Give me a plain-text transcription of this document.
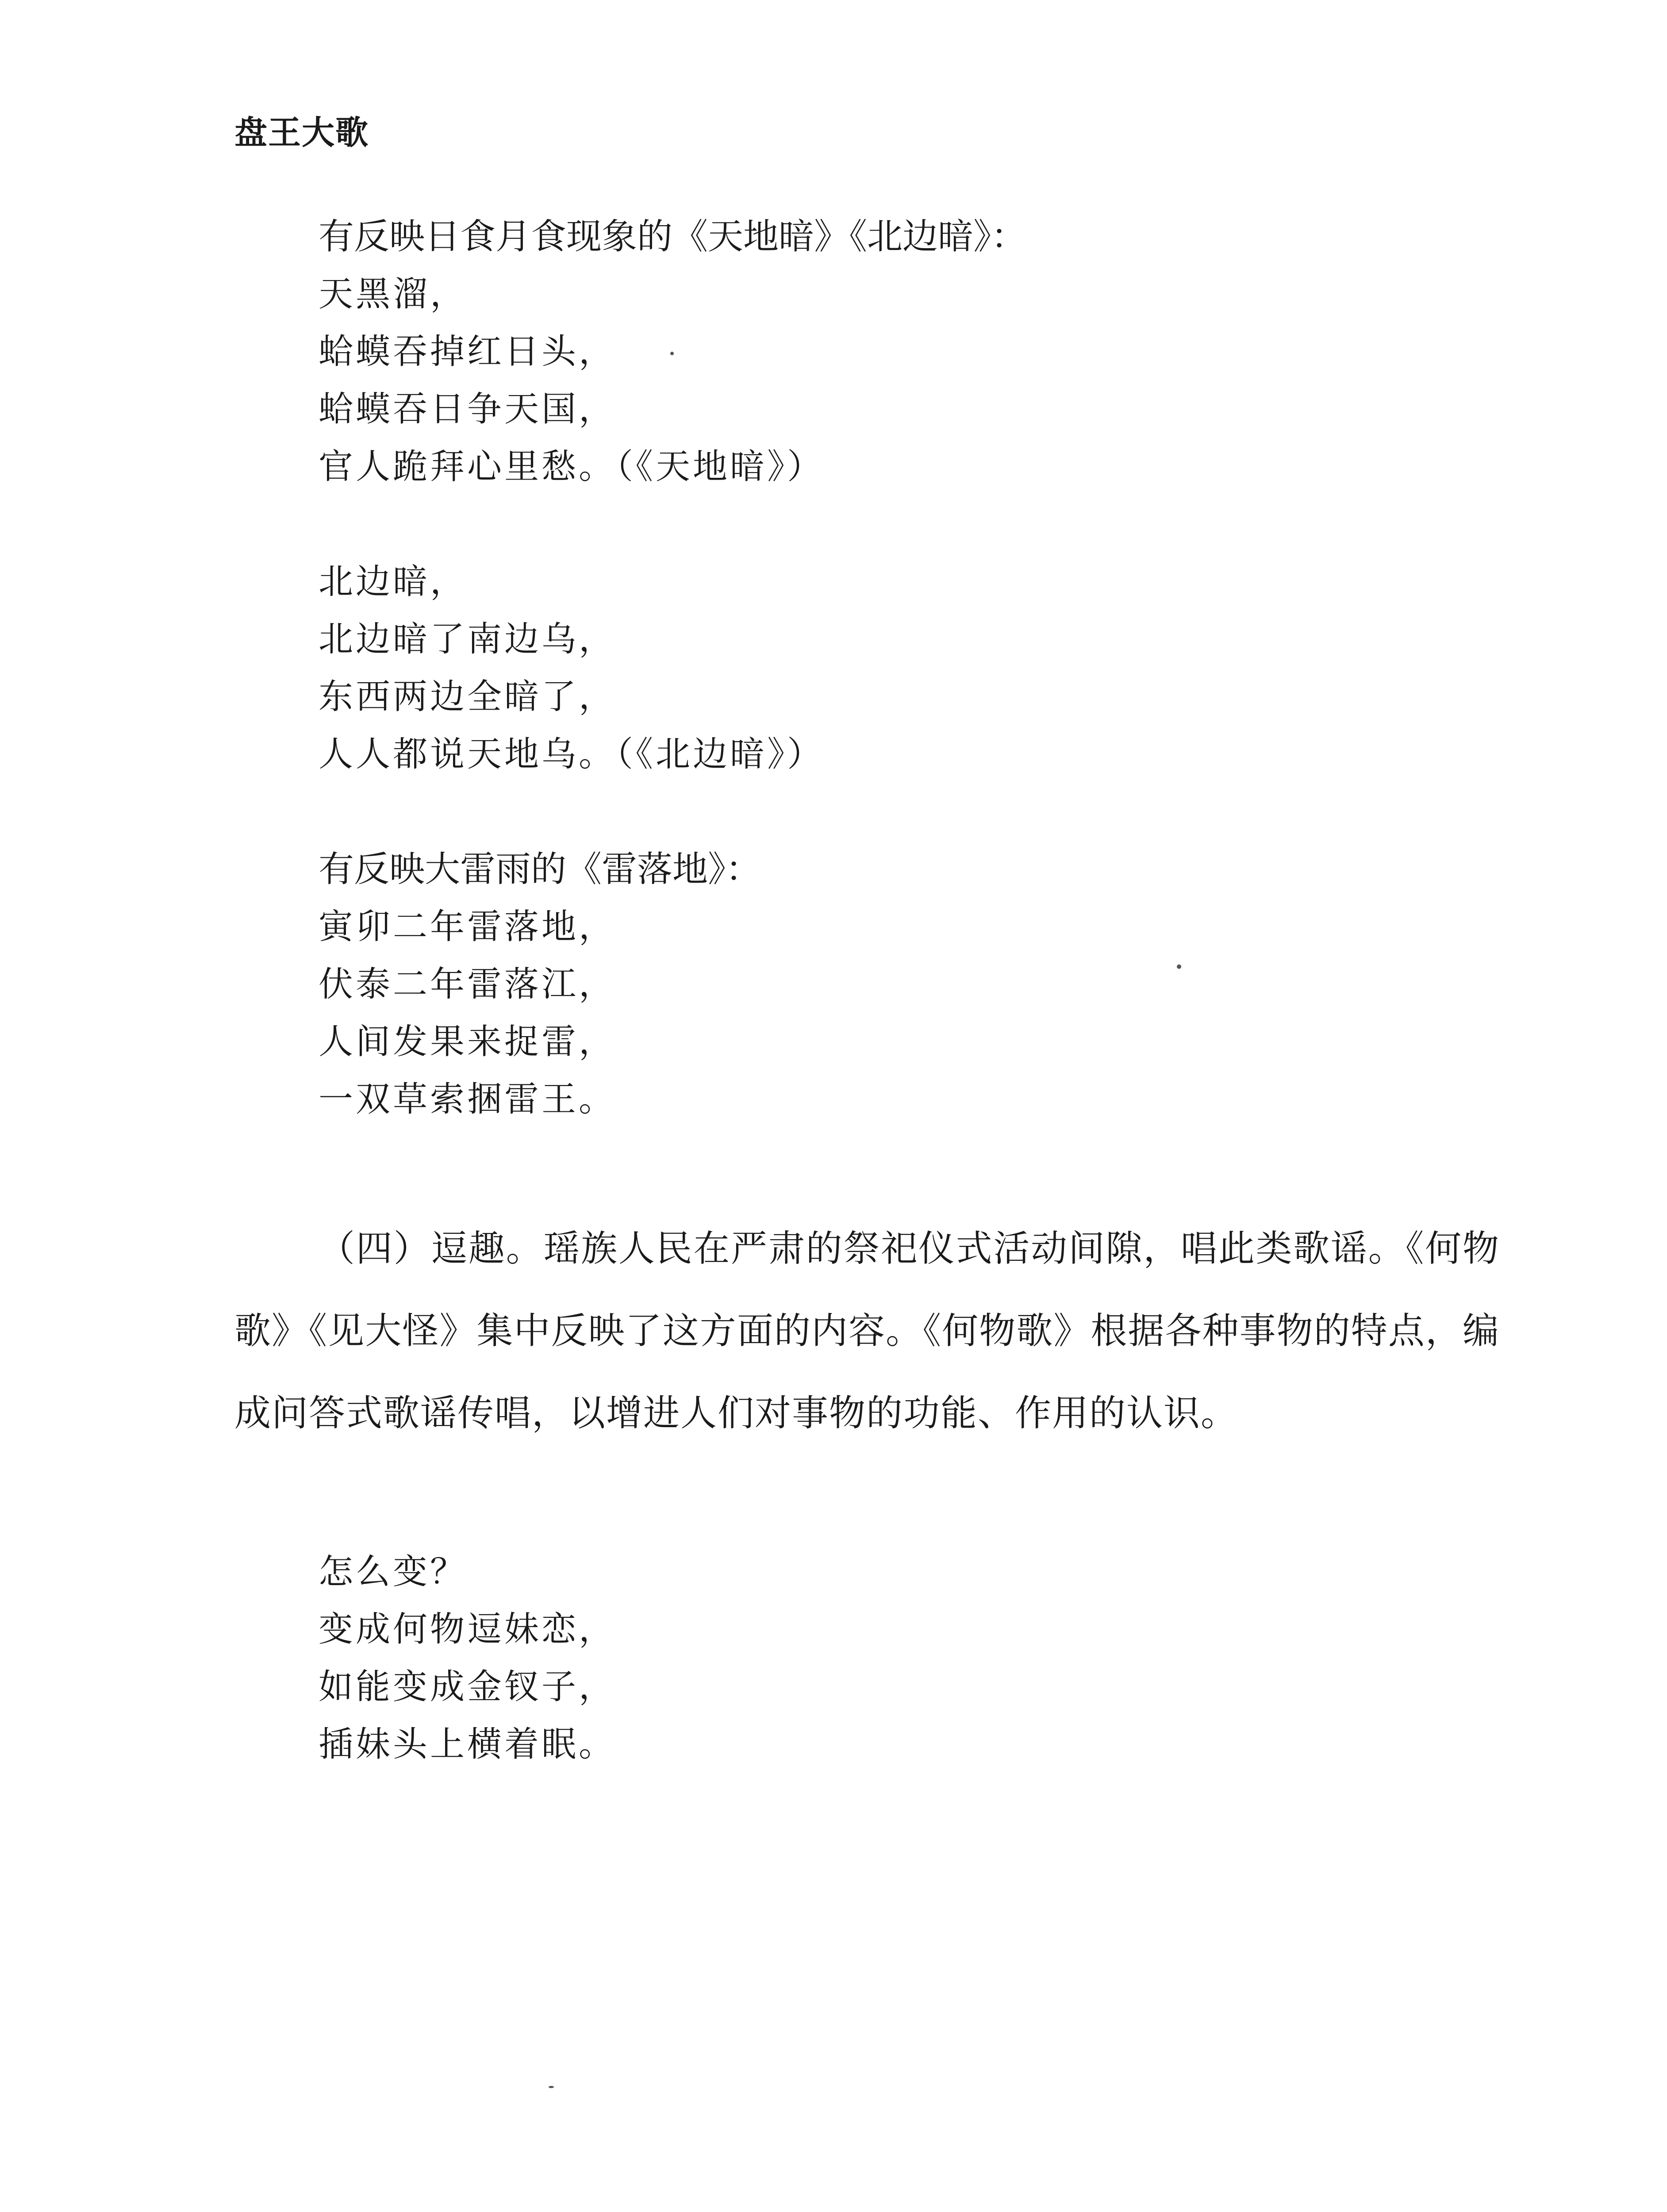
盘王大歌

有反映日食月食现象的《天地暗》《北边暗》：

天黑溜，
蛤蟆吞掉红日头，
蛤蟆吞日争天国，
官人跪拜心里愁。（《天地暗》）
北边暗，
北边暗了南边乌，
东西两边全暗了，
人人都说天地乌。（《北边暗》）

有反映大雷雨的《雷落地》：

寅卯二年雷落地，
伏泰二年雷落江，
人间发果来捉雷，
一双草索捆雷王。

（四）逗趣。瑶族人民在严肃的祭祀仪式活动间隙，唱此类歌谣。《何物歌》《见大怪》集中反映了这方面的内容。《何物歌》根据各种事物的特点，编成问答式歌谣传唱，以增进人们对事物的功能、作用的认识。

怎么变？
变成何物逗妹恋，
如能变成金钗子，
插妹头上横着眠。
